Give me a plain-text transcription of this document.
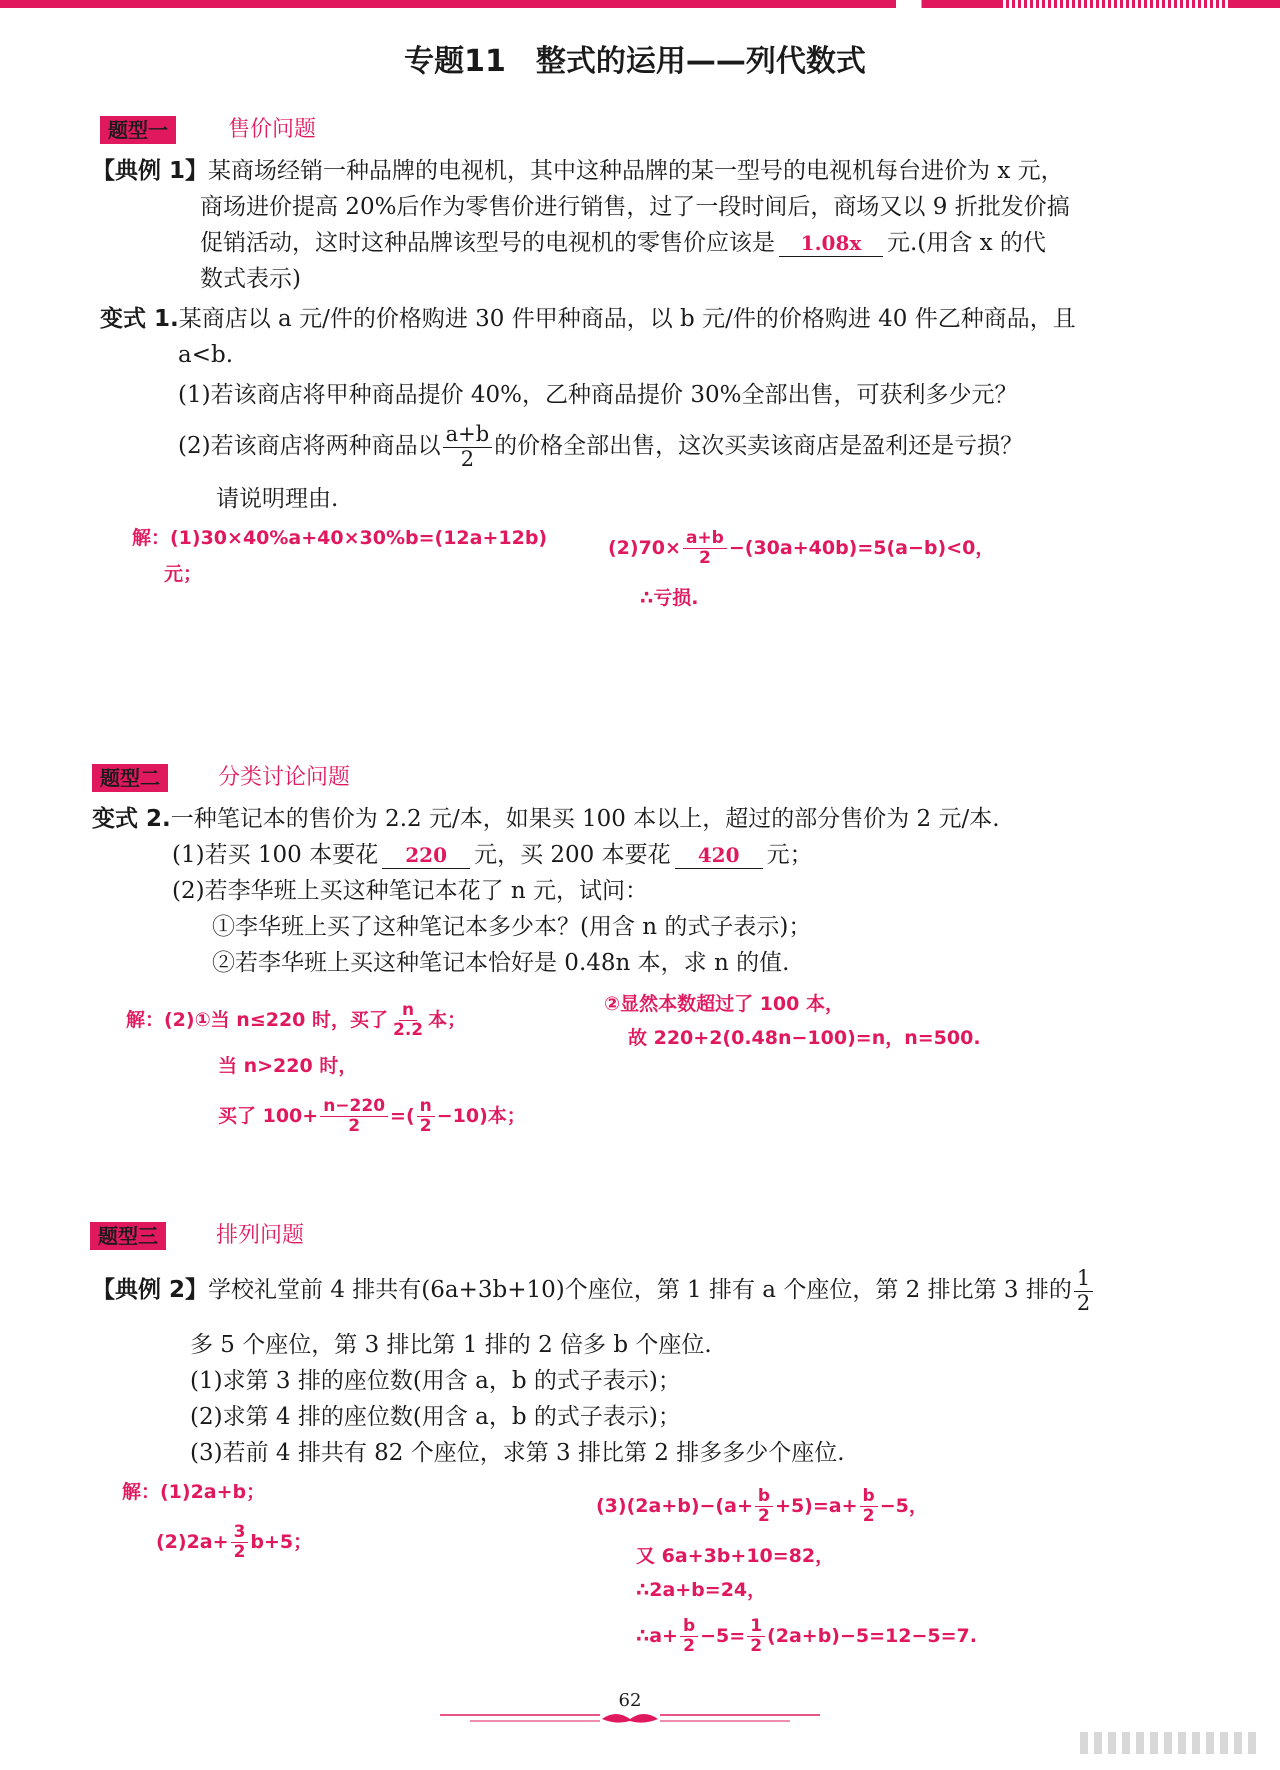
专题11　整式的运用——列代数式
题型一	售价问题
【典例 1】某商场经销一种品牌的电视机，其中这种品牌的某一型号的电视机每台进价为 x 元，
商场进价提高 20%后作为零售价进行销售，过了一段时间后，商场又以 9 折批发价搞
促销活动，这时这种品牌该型号的电视机的零售价应该是 1.08x 元.(用含 x 的代
数式表示)
变式 1.某商店以 a 元/件的价格购进 30 件甲种商品，以 b 元/件的价格购进 40 件乙种商品，且
a<b.
(1)若该商店将甲种商品提价 40%，乙种商品提价 30%全部出售，可获利多少元？
(2)若该商店将两种商品以 $\frac{a+b}{2}$ 的价格全部出售，这次买卖该商店是盈利还是亏损？
请说明理由.
解：(1)30×40%a+40×30%b=(12a+12b)
元；
$(2)70\times \frac{a+b}{2} -(30a+40b)=5(a-b)<0$，
∴亏损.
题型二	分类讨论问题
变式 2.一种笔记本的售价为 2.2 元/本，如果买 100 本以上，超过的部分售价为 2 元/本.
(1)若买 100 本要花 220 元，买 200 本要花 420 元；
(2)若李华班上买这种笔记本花了 n 元，试问：
①李华班上买了这种笔记本多少本？(用含 n 的式子表示)；
②若李华班上买这种笔记本恰好是 0.48n 本，求 n 的值.
解：(2)①当 n≤220 时，买了 $\frac{n}{2.2}$ 本；
当 n>220 时，
买了 $100+ \frac{n-220}{2}$ =( $\frac{n}{2} -10$)本；
②显然本数超过了 100 本，
故 220+2(0.48n−100)=n，n=500.
题型三	排列问题
【典例 2】学校礼堂前 4 排共有(6a+3b+10)个座位，第 1 排有 a 个座位，第 2 排比第 3 排的 $\frac{1}{2}$
多 5 个座位，第 3 排比第 1 排的 2 倍多 b 个座位.
(1)求第 3 排的座位数(用含 a，b 的式子表示)；
(2)求第 4 排的座位数(用含 a，b 的式子表示)；
(3)若前 4 排共有 82 个座位，求第 3 排比第 2 排多多少个座位.
解：(1)2a+b；
$(2)2a+ \frac{3}{2} b+5$；
$(3)(2a+b)-(a+ \frac{b}{2} +5)=a+ \frac{b}{2} -5$，
又 6a+3b+10=82，
∴2a+b=24，
∴a+ $\frac{b}{2} -5= \frac{1}{2} (2a+b)-5=12-5=7$.
62
